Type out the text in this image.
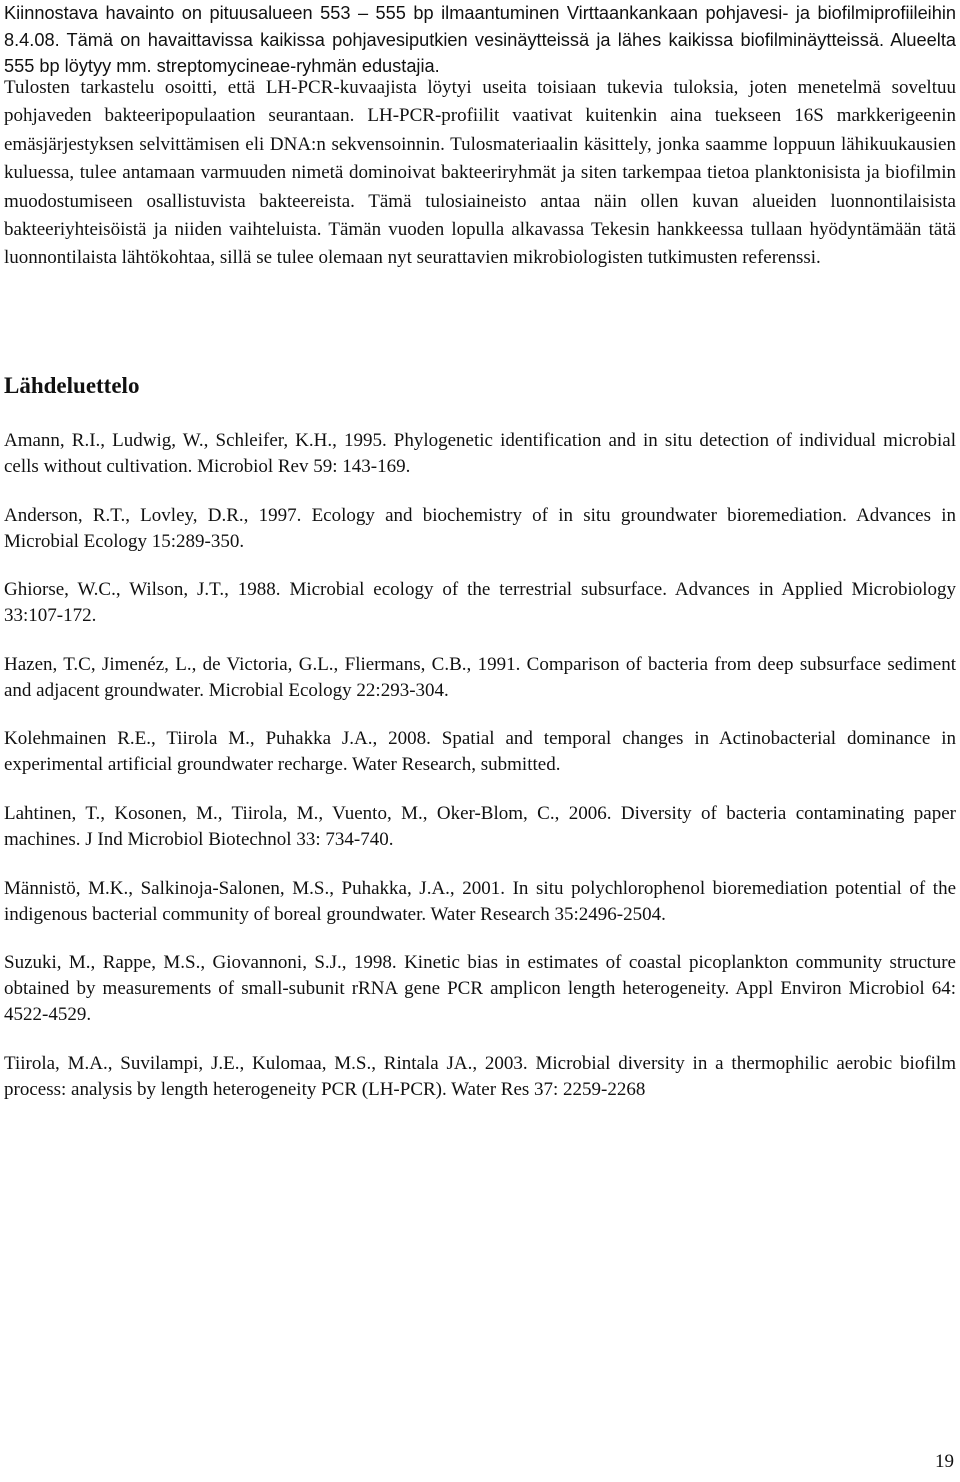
Kiinnostava havainto on pituusalueen 553 – 555 bp ilmaantuminen Virttaankankaan pohjavesi- ja biofilmiprofiileihin 8.4.08. Tämä on havaittavissa kaikissa pohjavesiputkien vesinäytteissä ja lähes kaikissa biofilminäytteissä. Alueelta 555 bp löytyy mm. streptomycineae-ryhmän edustajia.

Tulosten tarkastelu osoitti, että LH-PCR-kuvaajista löytyi useita toisiaan tukevia tuloksia, joten menetelmä soveltuu pohjaveden bakteeripopulaation seurantaan. LH-PCR-profiilit vaativat kuitenkin aina tuekseen 16S markkerigeenin emäsjärjestyksen selvittämisen eli DNA:n sekvensoinnin. Tulosmateriaalin käsittely, jonka saamme loppuun lähikuukausien kuluessa, tulee antamaan varmuuden nimetä dominoivat bakteeriryhmät ja siten tarkempaa tietoa planktonisista ja biofilmin muodostumiseen osallistuvista bakteereista. Tämä tulosiaineisto antaa näin ollen kuvan alueiden luonnontilaisista bakteeriyhteisöistä ja niiden vaihteluista. Tämän vuoden lopulla alkavassa Tekesin hankkeessa tullaan hyödyntämään tätä luonnontilaista lähtökohtaa, sillä se tulee olemaan nyt seurattavien mikrobiologisten tutkimusten referenssi.

Lähdeluettelo
Amann, R.I., Ludwig, W., Schleifer, K.H., 1995. Phylogenetic identification and in situ detection of individual microbial cells without cultivation. Microbiol Rev 59: 143-169.
Anderson, R.T., Lovley, D.R., 1997. Ecology and biochemistry of in situ groundwater bioremediation. Advances in Microbial Ecology 15:289-350.
Ghiorse, W.C., Wilson, J.T., 1988. Microbial ecology of the terrestrial subsurface. Advances in Applied Microbiology 33:107-172.
Hazen, T.C, Jimenéz, L., de Victoria, G.L., Fliermans, C.B., 1991. Comparison of bacteria from deep subsurface sediment and adjacent groundwater. Microbial Ecology 22:293-304.
Kolehmainen R.E., Tiirola M., Puhakka J.A., 2008. Spatial and temporal changes in Actinobacterial dominance in experimental artificial groundwater recharge. Water Research, submitted.
Lahtinen, T., Kosonen, M., Tiirola, M., Vuento, M., Oker-Blom, C., 2006. Diversity of bacteria contaminating paper machines. J Ind Microbiol Biotechnol 33: 734-740.
Männistö, M.K., Salkinoja-Salonen, M.S., Puhakka, J.A., 2001. In situ polychlorophenol bioremediation potential of the indigenous bacterial community of boreal groundwater. Water Research 35:2496-2504.
Suzuki, M., Rappe, M.S., Giovannoni, S.J., 1998. Kinetic bias in estimates of coastal picoplankton community structure obtained by measurements of small-subunit rRNA gene PCR amplicon length heterogeneity. Appl Environ Microbiol 64: 4522-4529.
Tiirola, M.A., Suvilampi, J.E., Kulomaa, M.S., Rintala JA., 2003. Microbial diversity in a thermophilic aerobic biofilm process: analysis by length heterogeneity PCR (LH-PCR). Water Res 37: 2259-2268
19
